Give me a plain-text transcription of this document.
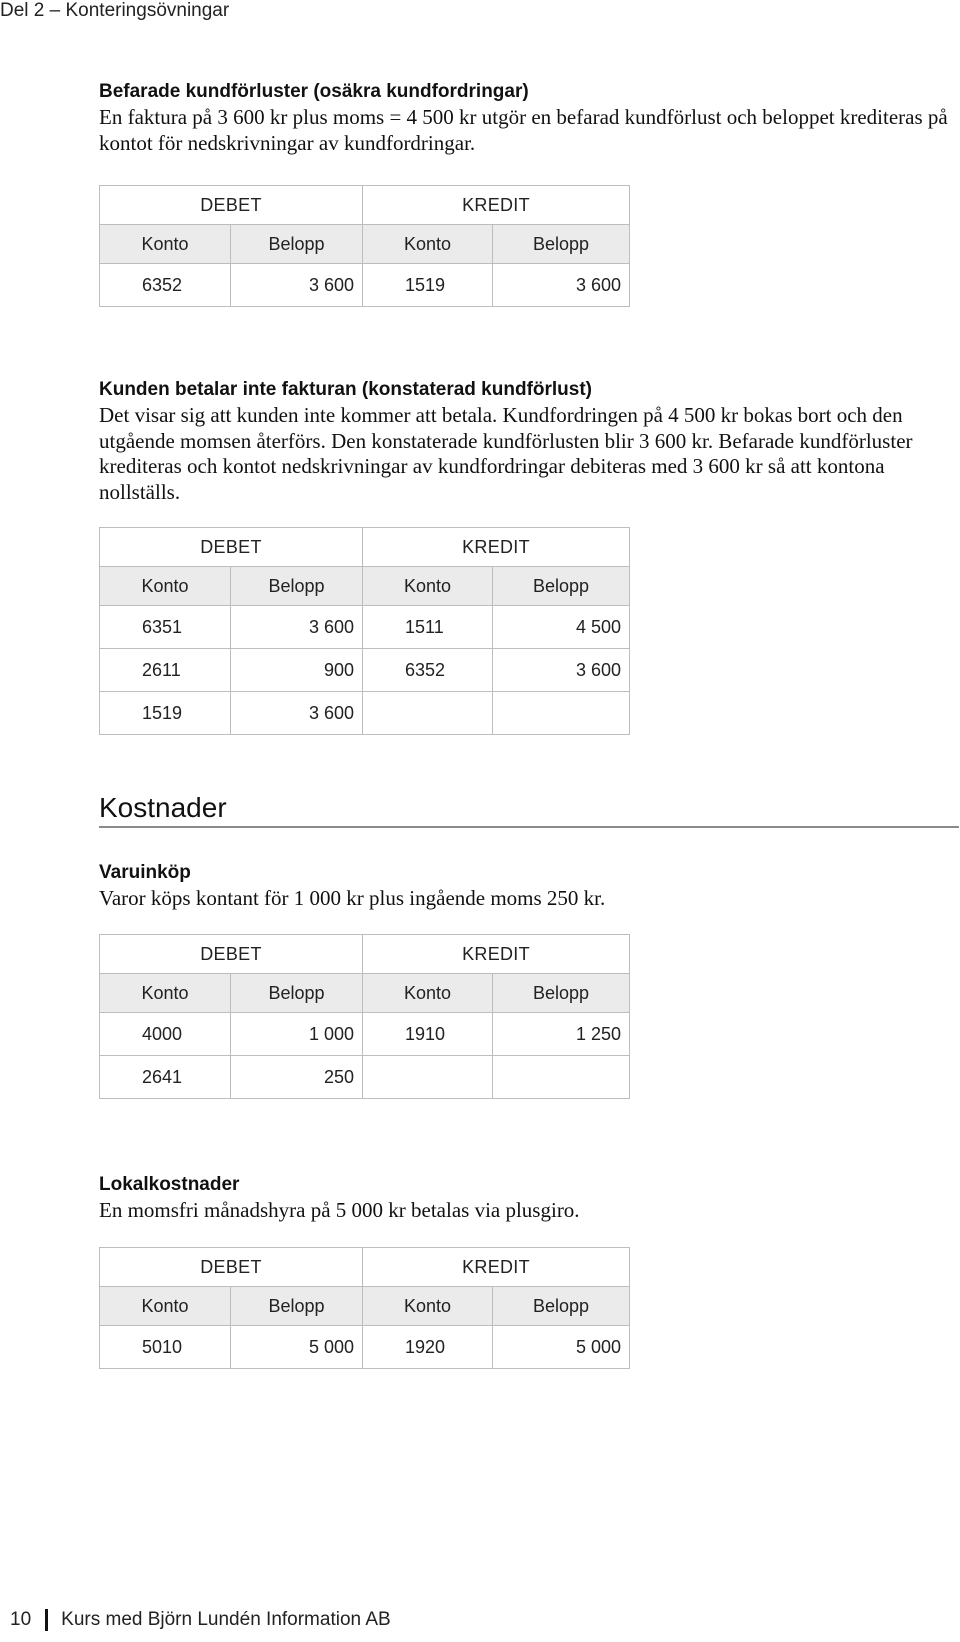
Del 2 – Konteringsövningar
Befarade kundförluster (osäkra kundfordringar)

En faktura på 3 600 kr plus moms = 4 500 kr utgör en befarad kundförlust och beloppet krediteras på kontot för nedskrivningar av kundfordringar.

DEBET		KREDIT	
Konto	Belopp	Konto	Belopp
6352	3 600	1519	3 600
Kunden betalar inte fakturan (konstaterad kundförlust)

Det visar sig att kunden inte kommer att betala. Kundfordringen på 4 500 kr bokas bort och den utgående momsen återförs. Den konstaterade kundförlusten blir 3 600 kr. Befarade kundförluster krediteras och kontot nedskrivningar av kundfordringar debiteras med 3 600 kr så att kontona nollställs.

DEBET		KREDIT	
Konto	Belopp	Konto	Belopp
6351	3 600	1511	4 500
2611	900	6352	3 600
1519	3 600		
Kostnader
Varuinköp

Varor köps kontant för 1 000 kr plus ingående moms 250 kr.

DEBET		KREDIT	
Konto	Belopp	Konto	Belopp
4000	1 000	1910	1 250
2641	250		
Lokalkostnader

En momsfri månadshyra på 5 000 kr betalas via plusgiro.

DEBET		KREDIT	
Konto	Belopp	Konto	Belopp
5010	5 000	1920	5 000
10 Kurs med Björn Lundén Information AB
